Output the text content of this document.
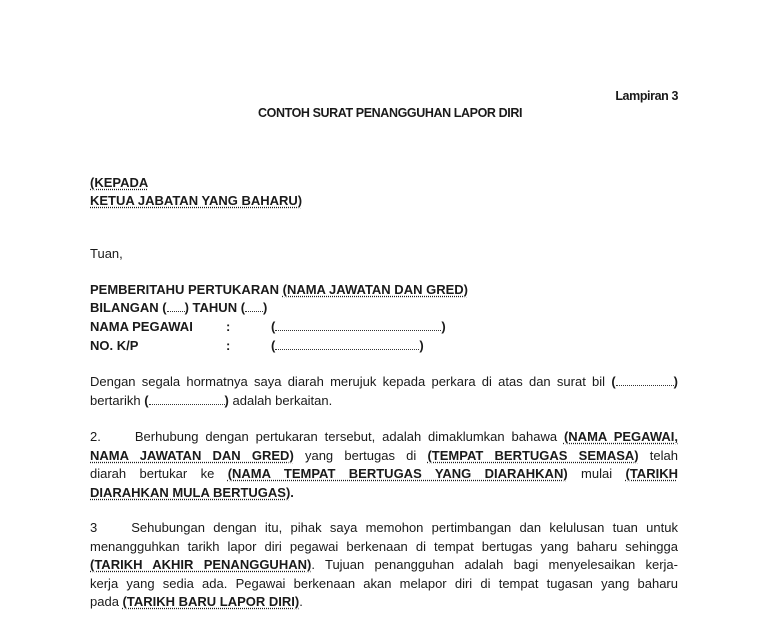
Lampiran 3
CONTOH SURAT PENANGGUHAN LAPOR DIRI
(KEPADA
KETUA JABATAN YANG BAHARU)
Tuan,
PEMBERITAHU PERTUKARAN (NAMA JAWATAN DAN GRED)
BILANGAN ( ) TAHUN ( )
NAMA PEGAWAI	:	(	)
NO. K/P	:	(	)
Dengan segala hormatnya saya diarah merujuk kepada perkara di atas dan surat bil (	)
bertarikh (	) adalah berkaitan.
2.	Berhubung dengan pertukaran tersebut, adalah dimaklumkan bahawa (NAMA PEGAWAI,
NAMA JAWATAN DAN GRED) yang bertugas di (TEMPAT BERTUGAS SEMASA) telah
diarah bertukar ke (NAMA TEMPAT BERTUGAS YANG DIARAHKAN) mulai (TARIKH
DIARAHKAN MULA BERTUGAS).
3	Sehubungan dengan itu, pihak saya memohon pertimbangan dan kelulusan tuan untuk
menangguhkan tarikh lapor diri pegawai berkenaan di tempat bertugas yang baharu sehingga
(TARIKH AKHIR PENANGGUHAN). Tujuan penangguhan adalah bagi menyelesaikan kerja-
kerja yang sedia ada. Pegawai berkenaan akan melapor diri di tempat tugasan yang baharu
pada (TARIKH BARU LAPOR DIRI).
